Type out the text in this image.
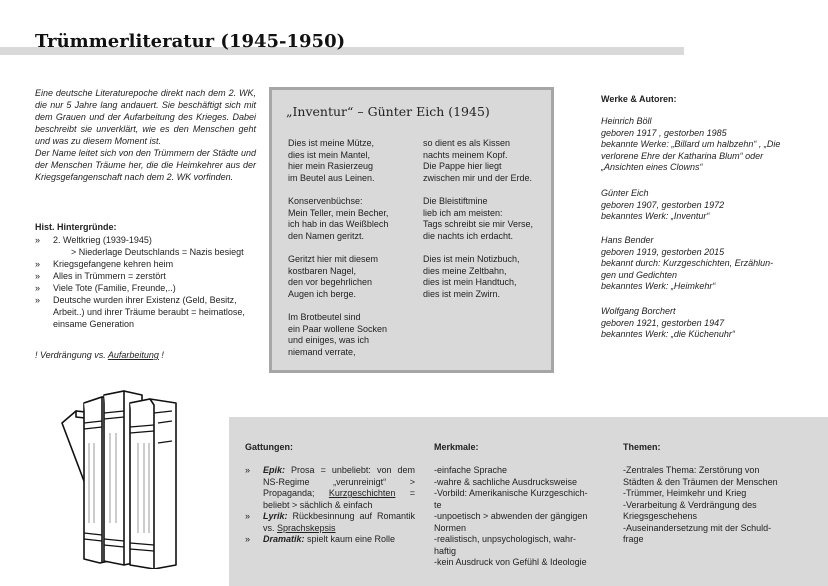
Trümmerliteratur (1945-1950)

Eine deutsche Literaturepoche direkt nach dem 2. WK, die nur 5 Jahre lang andauert. Sie beschäftigt sich mit dem Grauen und der Aufarbeitung des Krieges. Dabei beschreibt sie unverklärt, wie es den Menschen geht und was zu diesem Moment ist.

Der Name leitet sich von den Trümmern der Städte und der Menschen Träume her, die die Heimkehrer aus der Kriegsgefangenschaft nach dem 2. WK vorfinden.

Hist. Hintergründe:
» 2. Weltkrieg (1939-1945)
> Niederlage Deutschlands = Nazis besiegt
» Kriegsgefangene kehren heim
» Alles in Trümmern = zerstört
» Viele Tote (Familie, Freunde,..)
» Deutsche wurden ihrer Existenz (Geld, Besitz, Arbeit..) und ihrer Träume beraubt = heimatlose, einsame Generation
! Verdrängung vs. Aufarbeitung !
„Inventur“ – Günter Eich (1945)

Dies ist meine Mütze,
dies ist mein Mantel,
hier mein Rasierzeug
im Beutel aus Leinen.

Konservenbüchse:
Mein Teller, mein Becher,
ich hab in das Weißblech
den Namen geritzt.

Geritzt hier mit diesem
kostbaren Nagel,
den vor begehrlichen
Augen ich berge.

Im Brotbeutel sind
ein Paar wollene Socken
und einiges, was ich
niemand verrate,

so dient es als Kissen
nachts meinem Kopf.
Die Pappe hier liegt
zwischen mir und der Erde.

Die Bleistiftmine
lieb ich am meisten:
Tags schreibt sie mir Verse,
die nachts ich erdacht.

Dies ist mein Notizbuch,
dies meine Zeltbahn,
dies ist mein Handtuch,
dies ist mein Zwirn.

Werke & Autoren:
Heinrich Böll
geboren 1917 , gestorben 1985
bekannte Werke: „Billard um halbzehn“ , „Die
verlorene Ehre der Katharina Blum“ oder
„Ansichten eines Clowns“
Günter Eich
geboren 1907, gestorben 1972
bekanntes Werk: „Inventur“
Hans Bender
geboren 1919, gestorben 2015
bekannt durch: Kurzgeschichten, Erzählun-
gen und Gedichten
bekanntes Werk: „Heimkehr“
Wolfgang Borchert
geboren 1921, gestorben 1947
bekanntes Werk: „die Küchenuhr“
Gattungen:
» Epik: Prosa = unbeliebt: von dem NS-Regime „verunreinigt“ > Propaganda; Kurzgeschichten = beliebt > sächlich & einfach
» Lyrik: Rückbesinnung auf Romantik vs. Sprachskepsis
» Dramatik: spielt kaum eine Rolle
Merkmale:

-einfache Sprache
-wahre & sachliche Ausdrucksweise
-Vorbild: Amerikanische Kurzgeschich-
te
-unpoetisch > abwenden der gängigen
Normen
-realistisch, unpsychologisch, wahr-
haftig
-kein Ausdruck von Gefühl & Ideologie

Themen:

-Zentrales Thema: Zerstörung von
Städten & den Träumen der Menschen
-Trümmer, Heimkehr und Krieg
-Verarbeitung & Verdrängung des
Kriegsgeschehens
-Auseinandersetzung mit der Schuld-
frage
